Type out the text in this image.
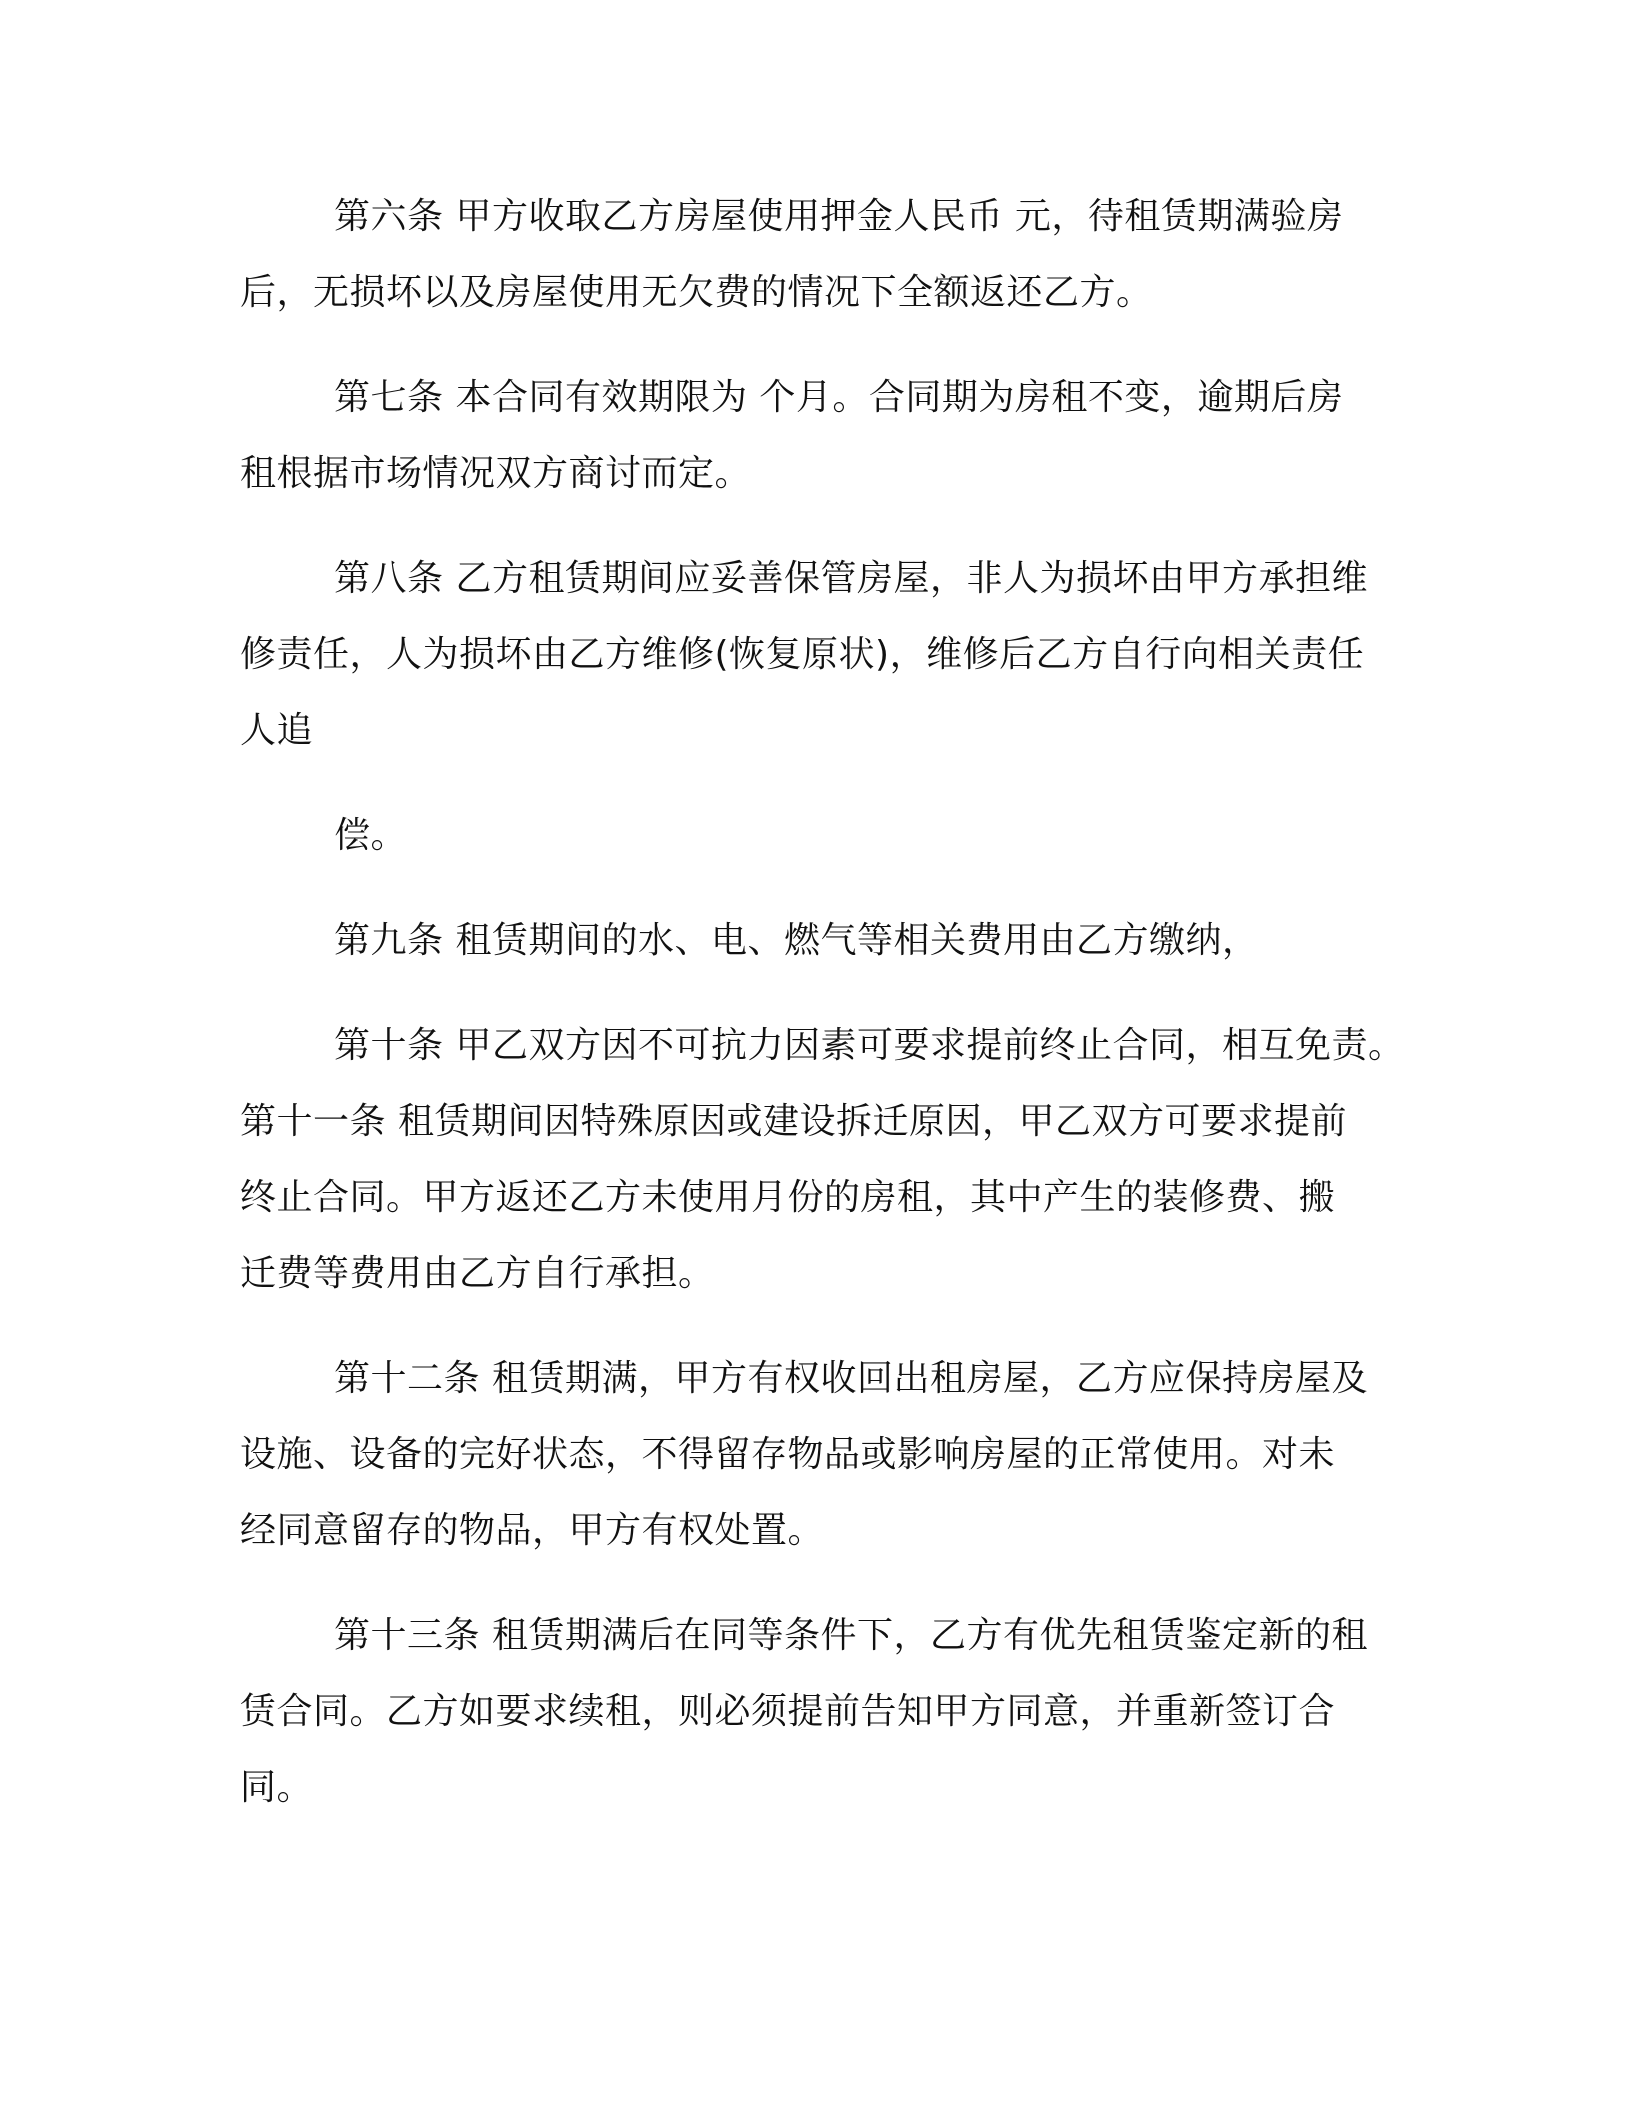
第六条 甲方收取乙方房屋使用押金人民币 元，待租赁期满验房
后，无损坏以及房屋使用无欠费的情况下全额返还乙方。
第七条 本合同有效期限为 个月。合同期为房租不变，逾期后房
租根据市场情况双方商讨而定。
第八条 乙方租赁期间应妥善保管房屋，非人为损坏由甲方承担维
修责任，人为损坏由乙方维修(恢复原状)，维修后乙方自行向相关责任
人追
偿。
第九条 租赁期间的水、电、燃气等相关费用由乙方缴纳，
第十条 甲乙双方因不可抗力因素可要求提前终止合同，相互免责。
第十一条 租赁期间因特殊原因或建设拆迁原因，甲乙双方可要求提前
终止合同。甲方返还乙方未使用月份的房租，其中产生的装修费、搬
迁费等费用由乙方自行承担。
第十二条 租赁期满，甲方有权收回出租房屋，乙方应保持房屋及
设施、设备的完好状态，不得留存物品或影响房屋的正常使用。对未
经同意留存的物品，甲方有权处置。
第十三条 租赁期满后在同等条件下，乙方有优先租赁鉴定新的租
赁合同。乙方如要求续租，则必须提前告知甲方同意，并重新签订合
同。
